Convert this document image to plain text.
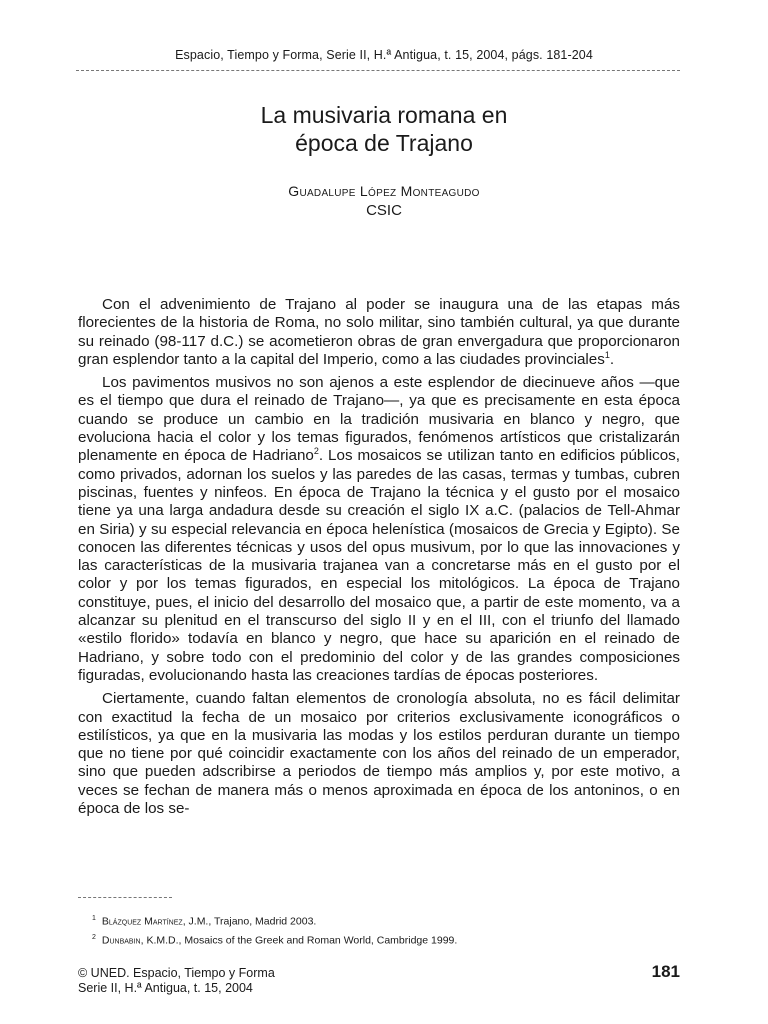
Espacio, Tiempo y Forma, Serie II, H.ª Antigua, t. 15, 2004, págs. 181-204
La musivaria romana en
época de Trajano
Guadalupe López Monteagudo
CSIC

Con el advenimiento de Trajano al poder se inaugura una de las etapas más florecientes de la historia de Roma, no solo militar, sino también cultural, ya que durante su reinado (98-117 d.C.) se acometieron obras de gran envergadura que proporcionaron gran esplendor tanto a la capital del Imperio, como a las ciudades provinciales$^1$.

Los pavimentos musivos no son ajenos a este esplendor de diecinueve años —que es el tiempo que dura el reinado de Trajano—, ya que es precisamente en esta época cuando se produce un cambio en la tradición musivaria en blanco y negro, que evoluciona hacia el color y los temas figurados, fenómenos artísticos que cristalizarán plenamente en época de Hadriano$^2$. Los mosaicos se utilizan tanto en edificios públicos, como privados, adornan los suelos y las paredes de las casas, termas y tumbas, cubren piscinas, fuentes y ninfeos. En época de Trajano la técnica y el gusto por el mosaico tiene ya una larga andadura desde su creación el siglo IX a.C. (palacios de Tell-Ahmar en Siria) y su especial relevancia en época helenística (mosaicos de Grecia y Egipto). Se conocen las diferentes técnicas y usos del opus musivum, por lo que las innovaciones y las características de la musivaria trajanea van a concretarse más en el gusto por el color y por los temas figurados, en especial los mitológicos. La época de Trajano constituye, pues, el inicio del desarrollo del mosaico que, a partir de este momento, va a alcanzar su plenitud en el transcurso del siglo II y en el III, con el triunfo del llamado «estilo florido» todavía en blanco y negro, que hace su aparición en el reinado de Hadriano, y sobre todo con el predominio del color y de las grandes composiciones figuradas, evolucionando hasta las creaciones tardías de épocas posteriores.

Ciertamente, cuando faltan elementos de cronología absoluta, no es fácil delimitar con exactitud la fecha de un mosaico por criterios exclusivamente iconográficos o estilísticos, ya que en la musivaria las modas y los estilos perduran durante un tiempo que no tiene por qué coincidir exactamente con los años del reinado de un emperador, sino que pueden adscribirse a periodos de tiempo más amplios y, por este motivo, a veces se fechan de manera más o menos aproximada en época de los antoninos, o en época de los se-

$^1$ Blázquez Martínez, J.M., Trajano, Madrid 2003.
$^2$ Dunbabin, K.M.D., Mosaics of the Greek and Roman World, Cambridge 1999.
© UNED. Espacio, Tiempo y Forma
Serie II, H.ª Antigua, t. 15, 2004
181
